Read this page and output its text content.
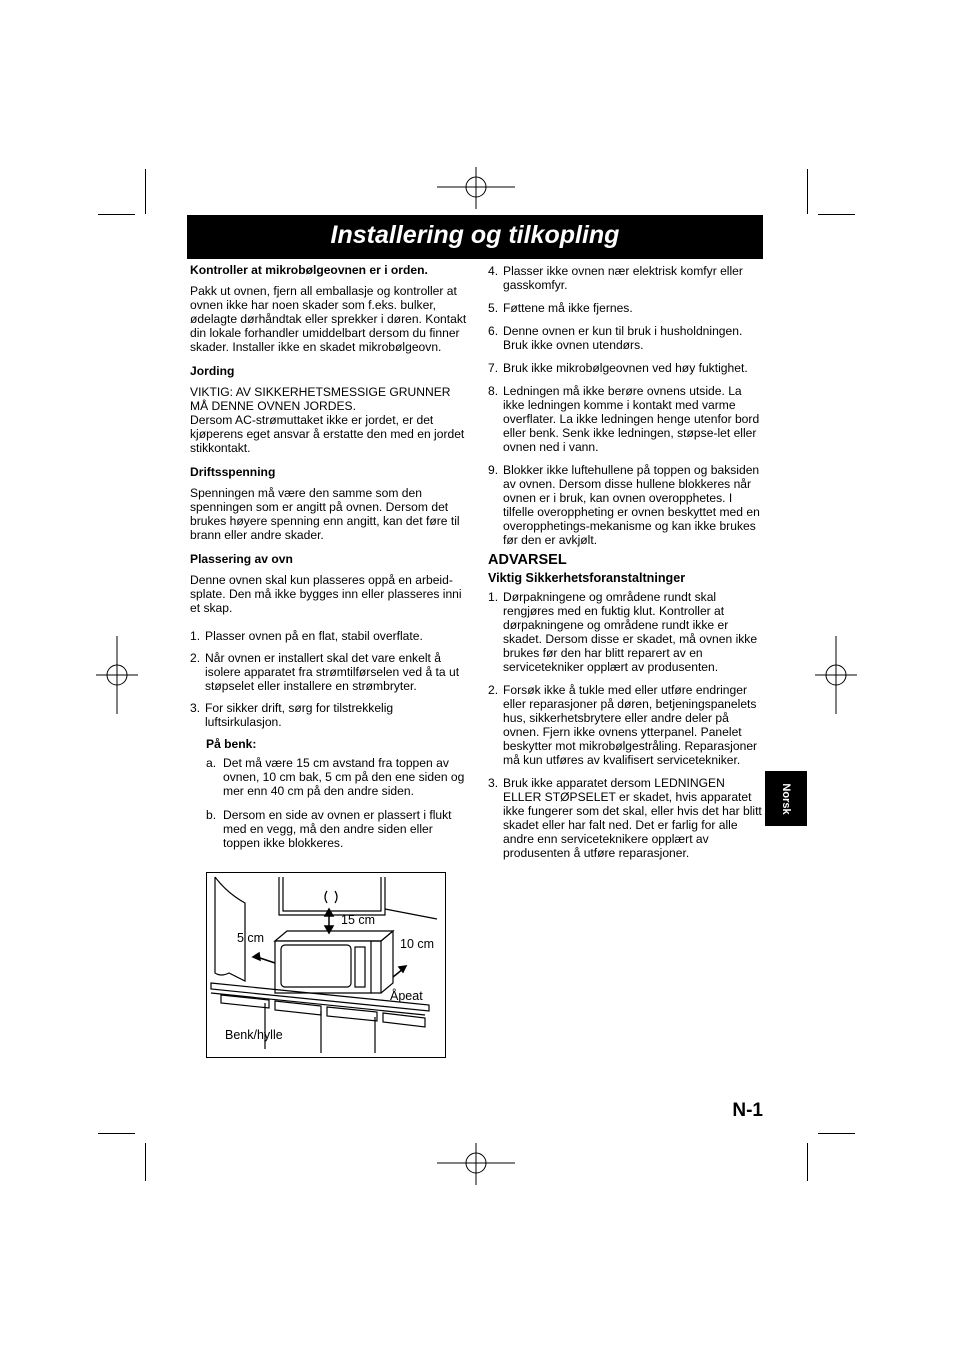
Installering og tilkopling
Kontroller at mikrobølgeovnen er i orden.

Pakk ut ovnen, fjern all emballasje og kontroller at ovnen ikke har noen skader som f.eks. bulker, ødelagte dørhåndtak eller sprekker i døren. Kontakt din lokale forhandler umiddelbart dersom du finner skader. Installer ikke en skadet mikrobølgeovn.

Jording

VIKTIG: AV SIKKERHETSMESSIGE GRUNNER MÅ DENNE OVNEN JORDES.

Dersom AC-strømuttaket ikke er jordet, er det kjøperens eget ansvar å erstatte den med en jordet stikkontakt.

Driftsspenning

Spenningen må være den samme som den spenningen som er angitt på ovnen. Dersom det brukes høyere spenning enn angitt, kan det føre til brann eller andre skader.

Plassering av ovn

Denne ovnen skal kun plasseres oppå en arbeid-splate. Den må ikke bygges inn eller plasseres inni et skap.

1. Plasser ovnen på en flat, stabil overflate.
2. Når ovnen er installert skal det vare enkelt å isolere apparatet fra strømtilførselen ved å ta ut støpselet eller installere en strømbryter.
3. For sikker drift, sørg for tilstrekkelig luftsirkulasjon.
På benk:
a. Det må være 15 cm avstand fra toppen av ovnen, 10 cm bak, 5 cm på den ene siden og mer enn 40 cm på den andre siden.
b. Dersom en side av ovnen er plassert i flukt med en vegg, må den andre siden eller toppen ikke blokkeres.
4. Plasser ikke ovnen nær elektrisk komfyr eller gasskomfyr.
5. Føttene må ikke fjernes.
6. Denne ovnen er kun til bruk i husholdningen. Bruk ikke ovnen utendørs.
7. Bruk ikke mikrobølgeovnen ved høy fuktighet.
8. Ledningen må ikke berøre ovnens utside. La ikke ledningen komme i kontakt med varme overflater. La ikke ledningen henge utenfor bord eller benk. Senk ikke ledningen, støpse-let eller ovnen ned i vann.
9. Blokker ikke luftehullene på toppen og baksiden av ovnen. Dersom disse hullene blokkeres når ovnen er i bruk, kan ovnen overopphetes. I tilfelle overoppheting er ovnen beskyttet med en overopphetings-mekanisme og kan ikke brukes før den er avkjølt.
ADVARSEL
Viktig Sikkerhetsforanstaltninger
1. Dørpakningene og områdene rundt skal rengjøres med en fuktig klut. Kontroller at dørpakningene og områdene rundt ikke er skadet. Dersom disse er skadet, må ovnen ikke brukes før den har blitt reparert av en servicetekniker opplært av produsenten.
2. Forsøk ikke å tukle med eller utføre endringer eller reparasjoner på døren, betjeningspanelets hus, sikkerhetsbrytere eller andre deler på ovnen. Fjern ikke ovnens ytterpanel. Panelet beskytter mot mikrobølgestråling. Reparasjoner må kun utføres av kvalifisert servicetekniker.
3. Bruk ikke apparatet dersom LEDNINGEN ELLER STØPSELET er skadet, hvis apparatet ikke fungerer som det skal, eller hvis det har blitt skadet eller har falt ned. Det er farlig for alle andre enn serviceteknikere opplært av produsenten å utføre reparasjoner.
15 cm
5 cm	10 cm
Åpeat
Benk/hylle
Norsk
N-1
